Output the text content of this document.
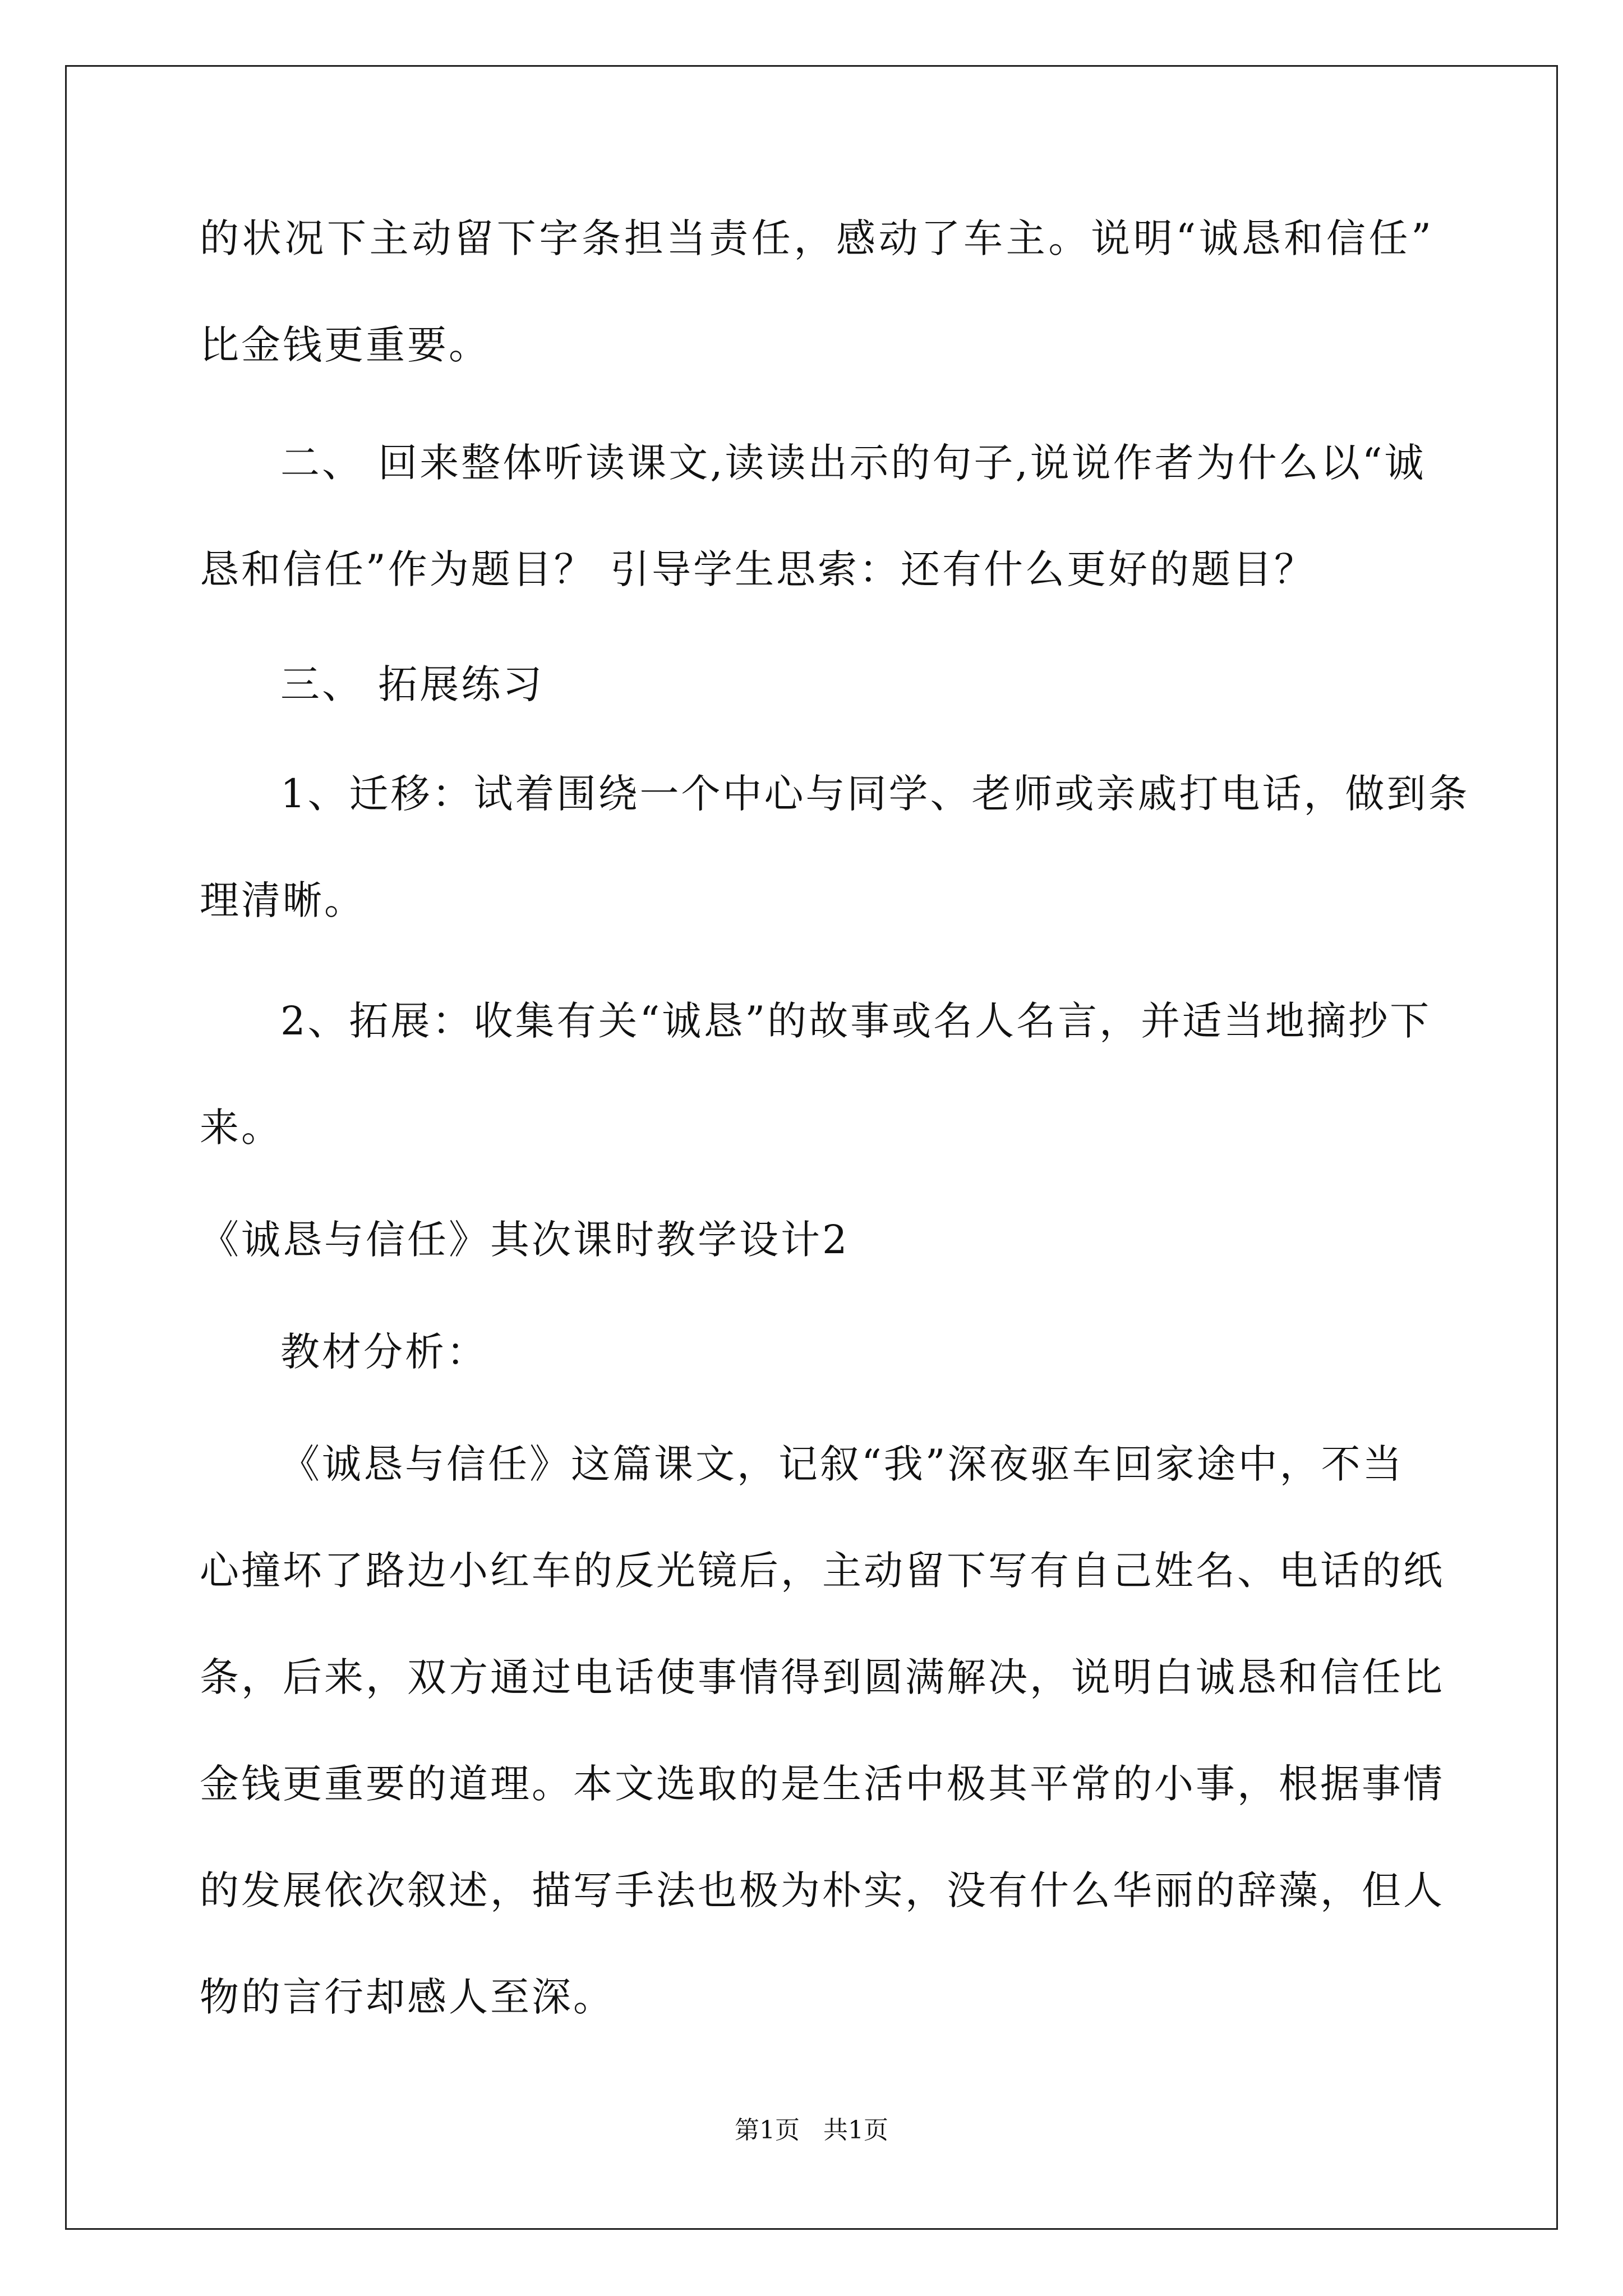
的状况下主动留下字条担当责任，感动了车主。说明“诚恳和信任”
比金钱更重要。
二、 回来整体听读课文,读读出示的句子,说说作者为什么以“诚
恳和信任”作为题目？ 引导学生思索：还有什么更好的题目？
三、 拓展练习
1、迁移：试着围绕一个中心与同学、老师或亲戚打电话，做到条
理清晰。
2、拓展：收集有关“诚恳”的故事或名人名言，并适当地摘抄下
来。
《诚恳与信任》其次课时教学设计2
教材分析：
《诚恳与信任》这篇课文，记叙“我”深夜驱车回家途中，不当
心撞坏了路边小红车的反光镜后，主动留下写有自己姓名、电话的纸
条，后来，双方通过电话使事情得到圆满解决，说明白诚恳和信任比
金钱更重要的道理。本文选取的是生活中极其平常的小事，根据事情
的发展依次叙述，描写手法也极为朴实，没有什么华丽的辞藻，但人
物的言行却感人至深。
第1页   共1页
